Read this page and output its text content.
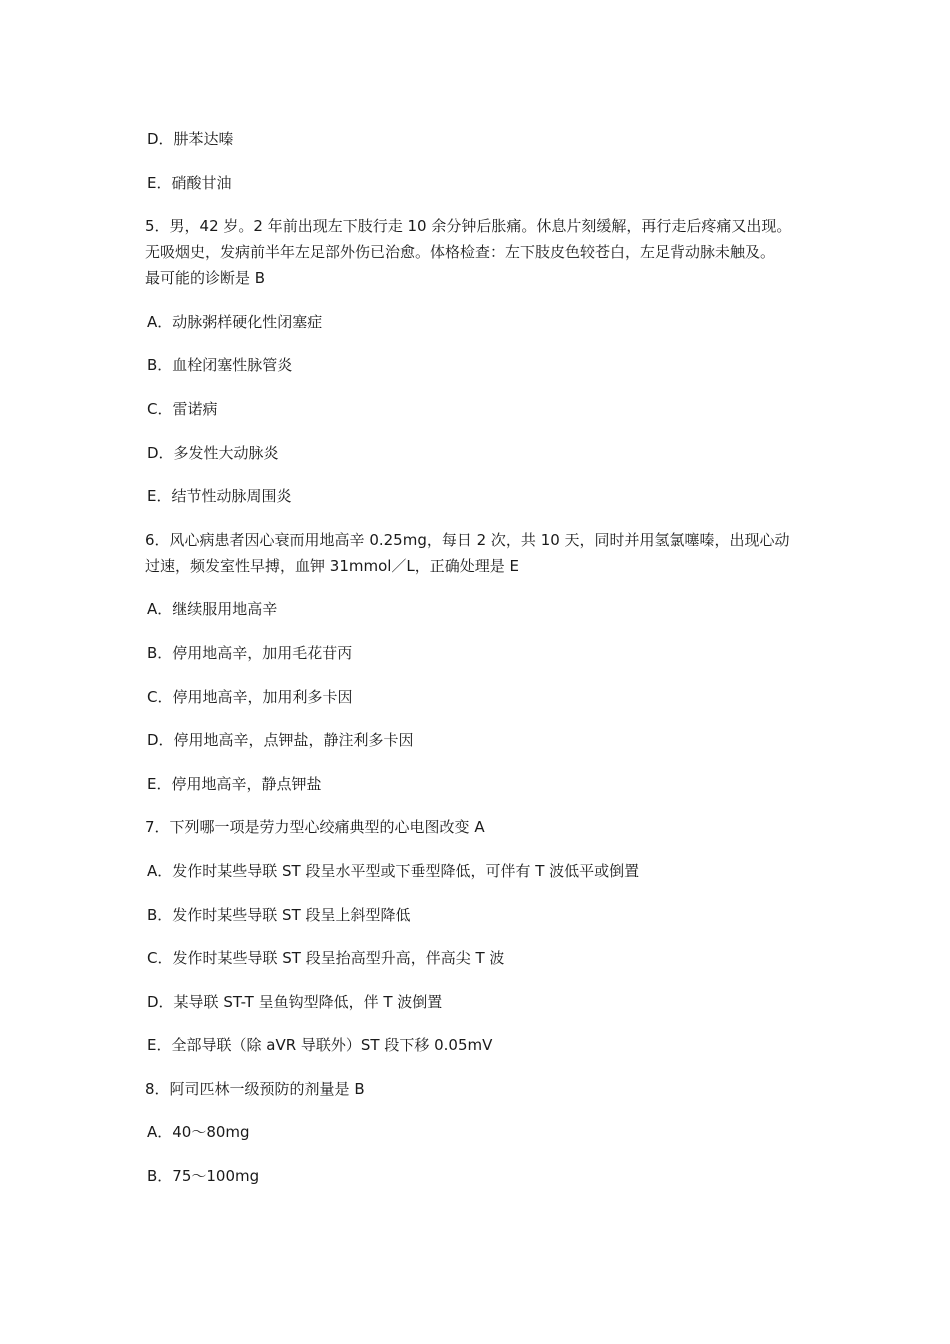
D．肼苯达嗪

E．硝酸甘油

5．男，42 岁。2 年前出现左下肢行走 10 余分钟后胀痛。休息片刻缓解，再行走后疼痛又出现。
无吸烟史，发病前半年左足部外伤已治愈。体格检查：左下肢皮色较苍白，左足背动脉未触及。
最可能的诊断是 B

A．动脉粥样硬化性闭塞症

B．血栓闭塞性脉管炎

C．雷诺病

D．多发性大动脉炎

E．结节性动脉周围炎

6．风心病患者因心衰而用地高辛 0.25mg，每日 2 次，共 10 天，同时并用氢氯噻嗪，出现心动
过速，频发室性早搏，血钾 31mmol／L，正确处理是 E

A．继续服用地高辛

B．停用地高辛，加用毛花苷丙

C．停用地高辛，加用利多卡因

D．停用地高辛，点钾盐，静注利多卡因

E．停用地高辛，静点钾盐

7．下列哪一项是劳力型心绞痛典型的心电图改变 A

A．发作时某些导联 ST 段呈水平型或下垂型降低，可伴有 T 波低平或倒置

B．发作时某些导联 ST 段呈上斜型降低

C．发作时某些导联 ST 段呈抬高型升高，伴高尖 T 波

D．某导联 ST-T 呈鱼钩型降低，伴 T 波倒置

E．全部导联（除 aVR 导联外）ST 段下移 0.05mV

8．阿司匹林一级预防的剂量是 B

A．40～80mg

B．75～100mg
